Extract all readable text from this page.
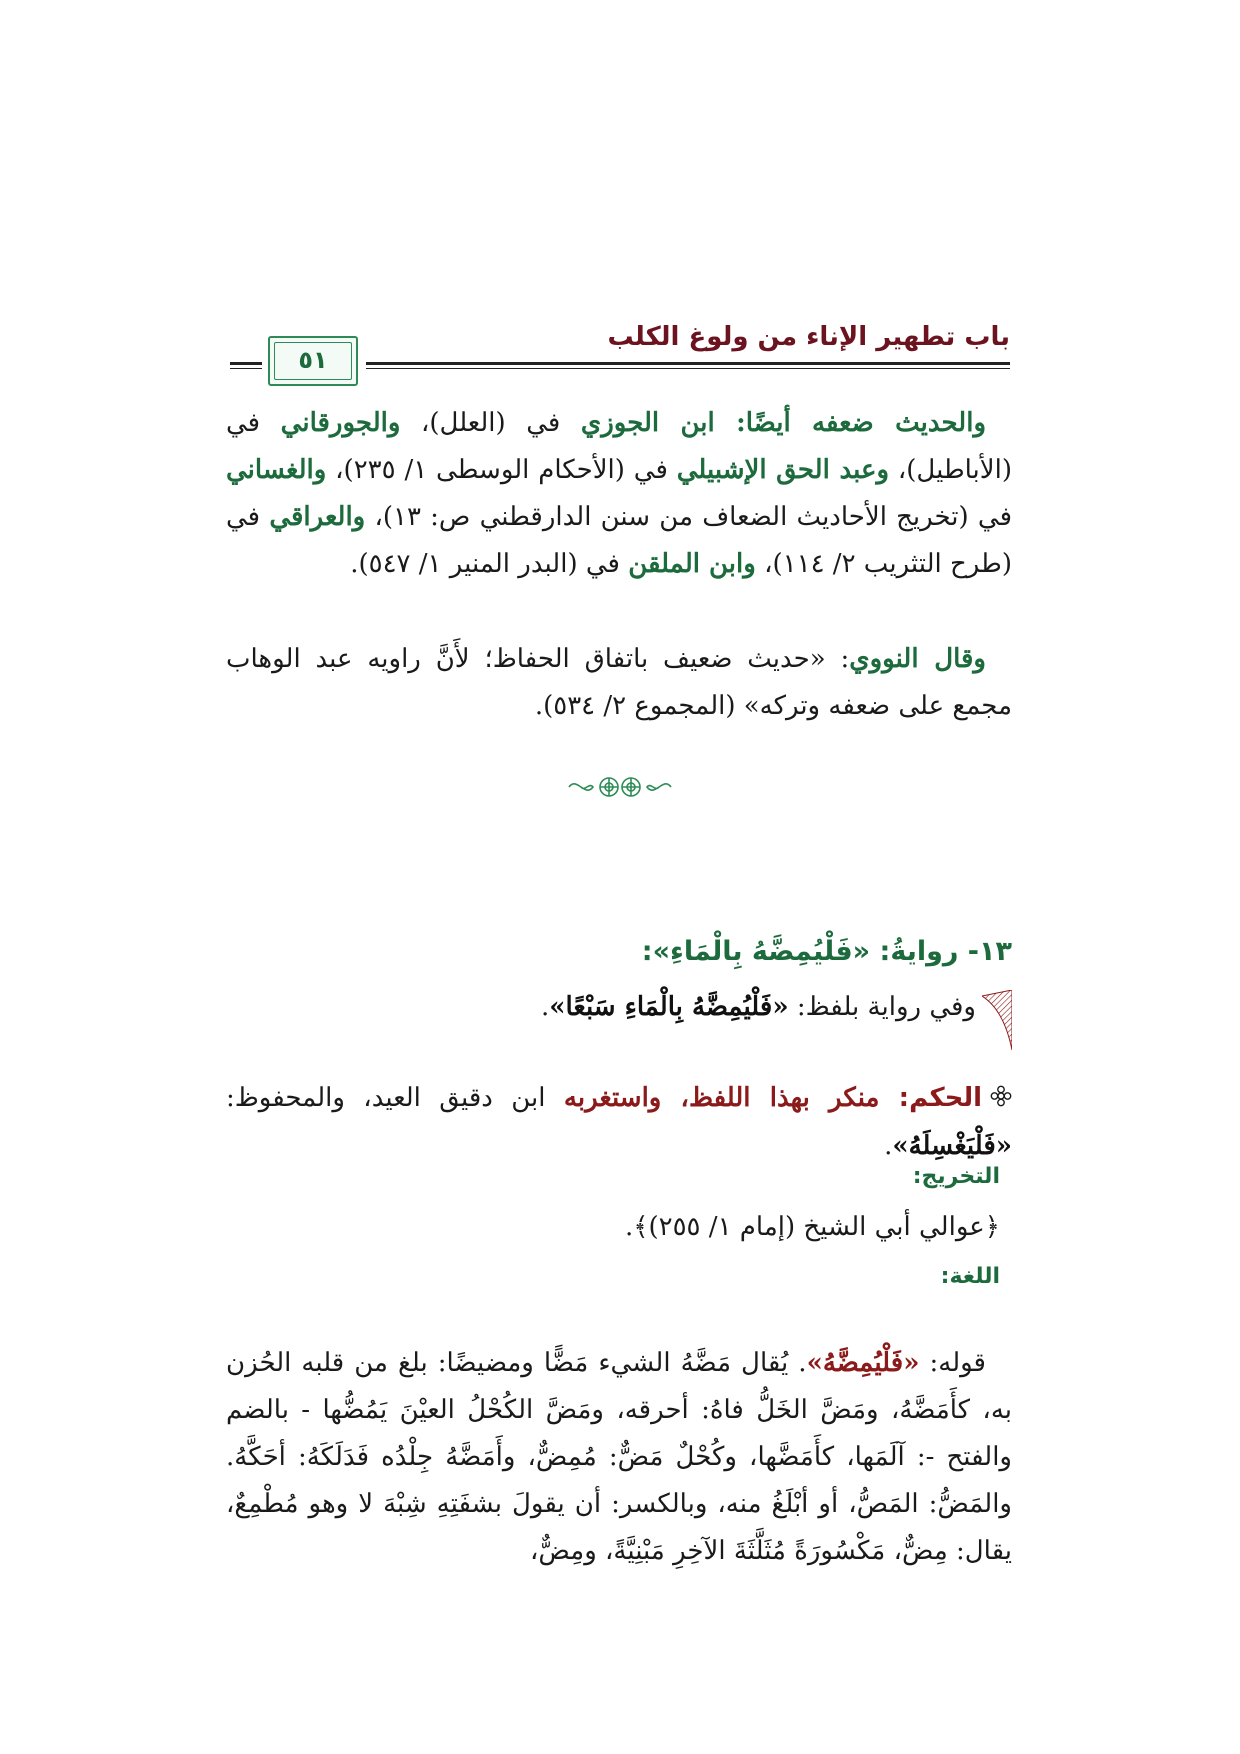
باب تطهير الإناء من ولوغ الكلب
٥١

والحديث ضعفه أيضًا: ابن الجوزي في (العلل)، والجورقاني في (الأباطيل)، وعبد الحق الإشبيلي في (الأحكام الوسطى ١/ ٢٣٥)، والغساني في (تخريج الأحاديث الضعاف من سنن الدارقطني ص: ١٣)، والعراقي في (طرح التثريب ٢/ ١١٤)، وابن الملقن في (البدر المنير ١/ ٥٤٧).

وقال النووي: «حديث ضعيف باتفاق الحفاظ؛ لأَنَّ راويه عبد الوهاب مجمع على ضعفه وتركه» (المجموع ٢/ ٥٣٤).

١٣- روايةُ: «فَلْيُمِضَّهُ بِالْمَاءِ»:
وفي رواية بلفظ: «فَلْيُمِضَّهُ بِالْمَاءِ سَبْعًا».
الحكم: منكر بهذا اللفظ، واستغربه ابن دقيق العيد، والمحفوظ: «فَلْيَغْسِلَهُ».
التخريج:
﴿عوالي أبي الشيخ (إمام ١/ ٢٥٥)﴾.
اللغة:

قوله: «فَلْيُمِضَّهُ». يُقال مَضَّهُ الشيء مَضًّا ومضيضًا: بلغ من قلبه الحُزن به، كأَمَضَّهُ، ومَضَّ الخَلُّ فاهُ: أحرقه، ومَضَّ الكُحْلُ العيْنَ يَمُضُّها - بالضم والفتح -: آلَمَها، كأَمَضَّها، وكُحْلٌ مَضٌّ: مُمِضٌّ، وأَمَضَّهُ جِلْدُه فَدَلَكَهُ: أحَكَّهُ. والمَضُّ: المَصُّ، أو أبْلَغُ منه، وبالكسر: أن يقولَ بشفَتِهِ شِبْهَ لا وهو مُطْمِعٌ، يقال: مِضٌّ، مَكْسُورَةً مُثَلَّثَةَ الآخِرِ مَبْنِيَّةً، ومِضٌّ،
